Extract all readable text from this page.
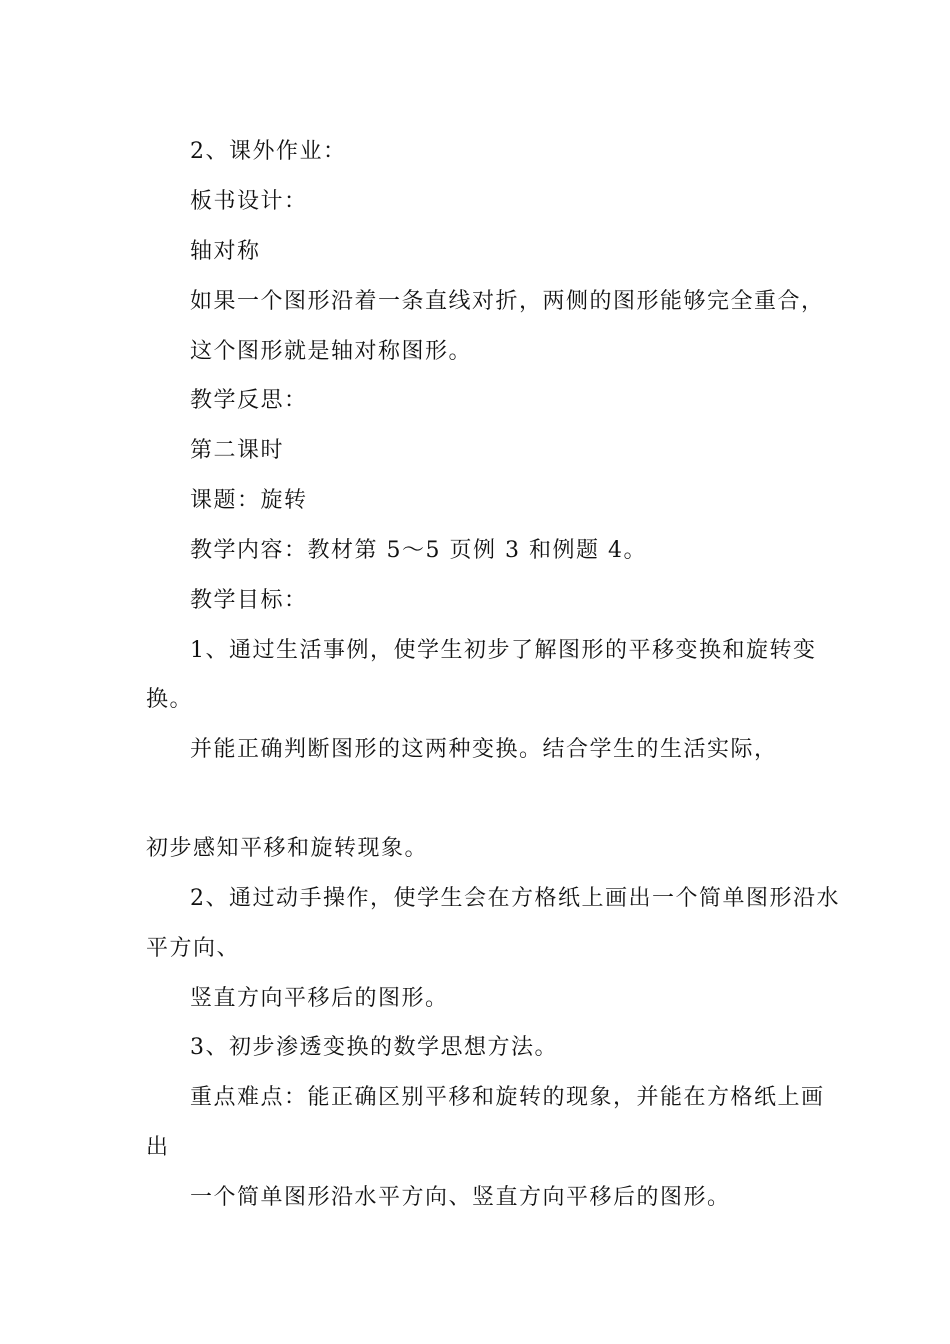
2、课外作业：
板书设计：
轴对称
如果一个图形沿着一条直线对折，两侧的图形能够完全重合，
这个图形就是轴对称图形。
教学反思：
第二课时
课题：旋转
教学内容：教材第 5～5 页例 3 和例题 4。
教学目标：
1、通过生活事例，使学生初步了解图形的平移变换和旋转变
换。
并能正确判断图形的这两种变换。结合学生的生活实际，
初步感知平移和旋转现象。
2、通过动手操作，使学生会在方格纸上画出一个简单图形沿水
平方向、
竖直方向平移后的图形。
3、初步渗透变换的数学思想方法。
重点难点：能正确区别平移和旋转的现象，并能在方格纸上画
出
一个简单图形沿水平方向、竖直方向平移后的图形。
